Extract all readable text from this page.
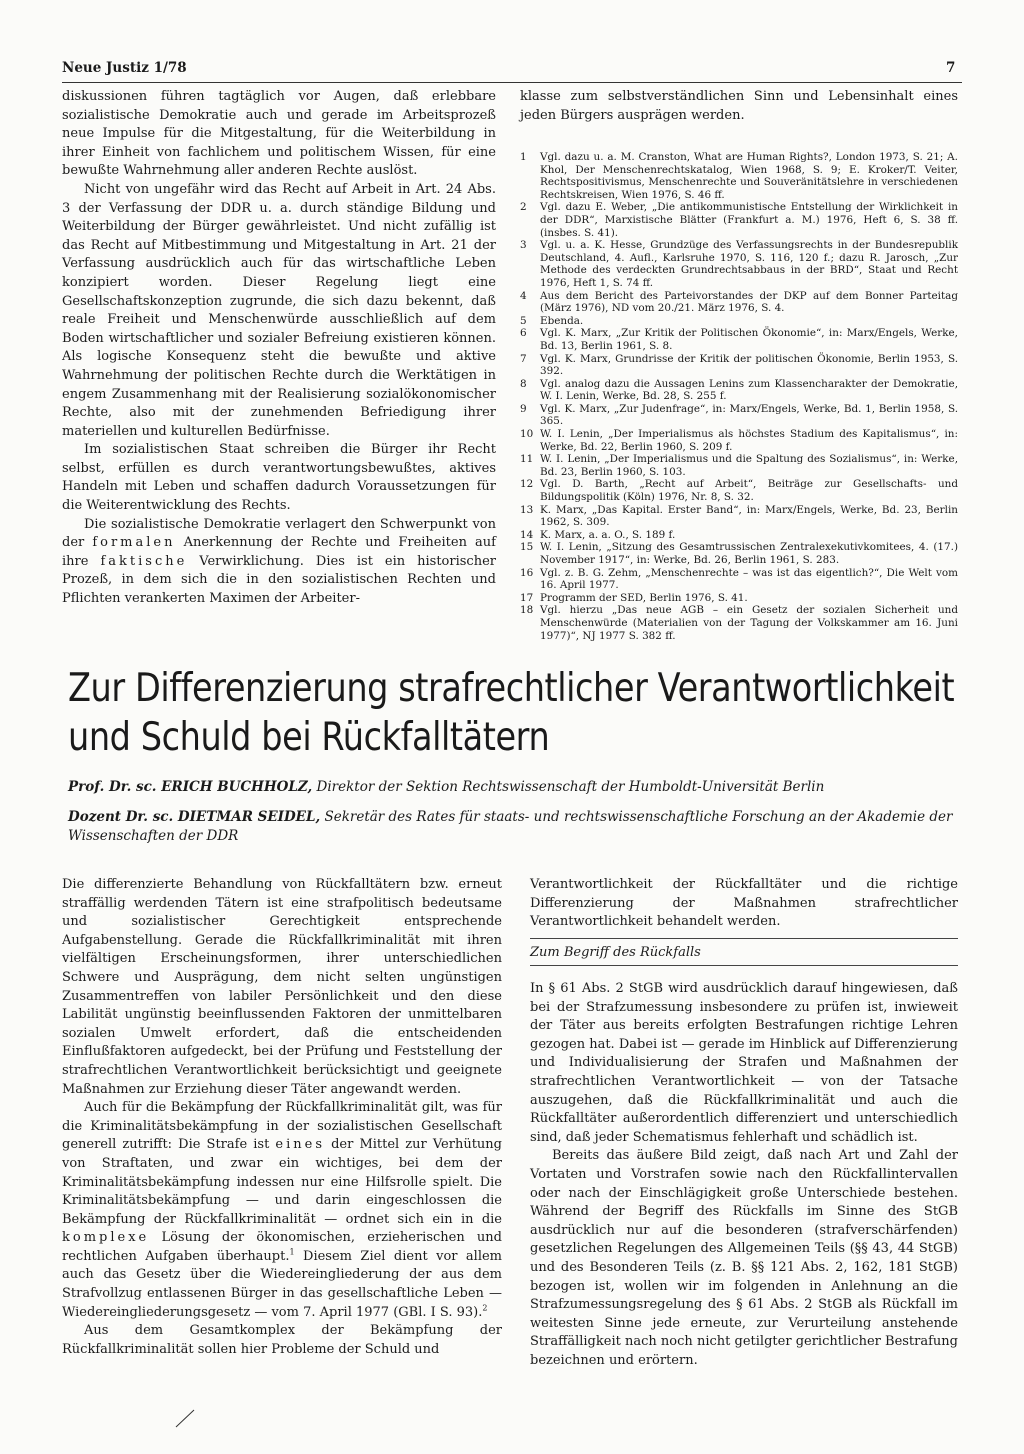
Neue Justiz 1/78	7

diskussionen führen tagtäglich vor Augen, daß erlebbare sozialistische Demokratie auch und gerade im Arbeitsprozeß neue Impulse für die Mitgestaltung, für die Weiterbildung in ihrer Einheit von fachlichem und politischem Wissen, für eine bewußte Wahrnehmung aller anderen Rechte auslöst.

Nicht von ungefähr wird das Recht auf Arbeit in Art. 24 Abs. 3 der Verfassung der DDR u. a. durch ständige Bildung und Weiterbildung der Bürger gewährleistet. Und nicht zufällig ist das Recht auf Mitbestimmung und Mitgestaltung in Art. 21 der Verfassung ausdrücklich auch für das wirtschaftliche Leben konzipiert worden. Dieser Regelung liegt eine Gesellschaftskonzeption zugrunde, die sich dazu bekennt, daß reale Freiheit und Menschenwürde ausschließlich auf dem Boden wirtschaftlicher und sozialer Befreiung existieren können. Als logische Konsequenz steht die bewußte und aktive Wahrnehmung der politischen Rechte durch die Werktätigen in engem Zusammenhang mit der Realisierung sozialökonomischer Rechte, also mit der zunehmenden Befriedigung ihrer materiellen und kulturellen Bedürfnisse.

Im sozialistischen Staat schreiben die Bürger ihr Recht selbst, erfüllen es durch verantwortungsbewußtes, aktives Handeln mit Leben und schaffen dadurch Voraussetzungen für die Weiterentwicklung des Rechts.

Die sozialistische Demokratie verlagert den Schwerpunkt von der formalen Anerkennung der Rechte und Freiheiten auf ihre faktische Verwirklichung. Dies ist ein historischer Prozeß, in dem sich die in den sozialistischen Rechten und Pflichten verankerten Maximen der Arbeiter-

klasse zum selbstverständlichen Sinn und Lebensinhalt eines jeden Bürgers ausprägen werden.

1	Vgl. dazu u. a. M. Cranston, What are Human Rights?, London 1973, S. 21; A. Khol, Der Menschenrechtskatalog, Wien 1968, S. 9; E. Kroker/T. Veiter, Rechtspositivismus, Menschenrechte und Souveränitätslehre in verschiedenen Rechtskreisen, Wien 1976, S. 46 ff.
2	Vgl. dazu E. Weber, „Die antikommunistische Entstellung der Wirklichkeit in der DDR“, Marxistische Blätter (Frankfurt a. M.) 1976, Heft 6, S. 38 ff. (insbes. S. 41).
3	Vgl. u. a. K. Hesse, Grundzüge des Verfassungsrechts in der Bundesrepublik Deutschland, 4. Aufl., Karlsruhe 1970, S. 116, 120 f.; dazu R. Jarosch, „Zur Methode des verdeckten Grundrechtsabbaus in der BRD“, Staat und Recht 1976, Heft 1, S. 74 ff.
4	Aus dem Bericht des Parteivorstandes der DKP auf dem Bonner Parteitag (März 1976), ND vom 20./21. März 1976, S. 4.
5	Ebenda.
6	Vgl. K. Marx, „Zur Kritik der Politischen Ökonomie“, in: Marx/Engels, Werke, Bd. 13, Berlin 1961, S. 8.
7	Vgl. K. Marx, Grundrisse der Kritik der politischen Ökonomie, Berlin 1953, S. 392.
8	Vgl. analog dazu die Aussagen Lenins zum Klassencharakter der Demokratie, W. I. Lenin, Werke, Bd. 28, S. 255 f.
9	Vgl. K. Marx, „Zur Judenfrage“, in: Marx/Engels, Werke, Bd. 1, Berlin 1958, S. 365.
10 W. I. Lenin, „Der Imperialismus als höchstes Stadium des Kapitalismus“, in: Werke, Bd. 22, Berlin 1960, S. 209 f.
11 W. I. Lenin, „Der Imperialismus und die Spaltung des Sozialismus“, in: Werke, Bd. 23, Berlin 1960, S. 103.
12 Vgl. D. Barth, „Recht auf Arbeit“, Beiträge zur Gesellschafts- und Bildungspolitik (Köln) 1976, Nr. 8, S. 32.
13 K. Marx, „Das Kapital. Erster Band“, in: Marx/Engels, Werke, Bd. 23, Berlin 1962, S. 309.
14 K. Marx, a. a. O., S. 189 f.
15 W. I. Lenin, „Sitzung des Gesamtrussischen Zentralexekutivkomitees, 4. (17.) November 1917“, in: Werke, Bd. 26, Berlin 1961, S. 283.
16 Vgl. z. B. G. Zehm, „Menschenrechte – was ist das eigentlich?“, Die Welt vom 16. April 1977.
17 Programm der SED, Berlin 1976, S. 41.
18 Vgl. hierzu „Das neue AGB – ein Gesetz der sozialen Sicherheit und Menschenwürde (Materialien von der Tagung der Volkskammer am 16. Juni 1977)“, NJ 1977 S. 382 ff.
Zur Differenzierung strafrechtlicher Verantwortlichkeit
und Schuld bei Rückfalltätern
Prof. Dr. sc. ERICH BUCHHOLZ, Direktor der Sektion Rechtswissenschaft der Humboldt-Universität Berlin
Dozent Dr. sc. DIETMAR SEIDEL, Sekretär des Rates für staats- und rechtswissenschaftliche Forschung an der Akademie der Wissenschaften der DDR

Die differenzierte Behandlung von Rückfalltätern bzw. erneut straffällig werdenden Tätern ist eine strafpolitisch bedeutsame und sozialistischer Gerechtigkeit entsprechende Aufgabenstellung. Gerade die Rückfallkriminalität mit ihren vielfältigen Erscheinungsformen, ihrer unterschiedlichen Schwere und Ausprägung, dem nicht selten ungünstigen Zusammentreffen von labiler Persönlichkeit und den diese Labilität ungünstig beeinflussenden Faktoren der unmittelbaren sozialen Umwelt erfordert, daß die entscheidenden Einflußfaktoren aufgedeckt, bei der Prüfung und Feststellung der strafrechtlichen Verantwortlichkeit berücksichtigt und geeignete Maßnahmen zur Erziehung dieser Täter angewandt werden.

Auch für die Bekämpfung der Rückfallkriminalität gilt, was für die Kriminalitätsbekämpfung in der sozialistischen Gesellschaft generell zutrifft: Die Strafe ist eines der Mittel zur Verhütung von Straftaten, und zwar ein wichtiges, bei dem der Kriminalitätsbekämpfung indessen nur eine Hilfsrolle spielt. Die Kriminalitätsbekämpfung — und darin eingeschlossen die Bekämpfung der Rückfallkriminalität — ordnet sich ein in die komplexe Lösung der ökonomischen, erzieherischen und rechtlichen Aufgaben überhaupt.$^1$ Diesem Ziel dient vor allem auch das Gesetz über die Wiedereingliederung der aus dem Strafvollzug entlassenen Bürger in das gesellschaftliche Leben — Wiedereingliederungsgesetz — vom 7. April 1977 (GBl. I S. 93).$^2$

Aus dem Gesamtkomplex der Bekämpfung der Rückfallkriminalität sollen hier Probleme der Schuld und

Verantwortlichkeit der Rückfalltäter und die richtige Differenzierung der Maßnahmen strafrechtlicher Verantwortlichkeit behandelt werden.

Zum Begriff des Rückfalls

In § 61 Abs. 2 StGB wird ausdrücklich darauf hingewiesen, daß bei der Strafzumessung insbesondere zu prüfen ist, inwieweit der Täter aus bereits erfolgten Bestrafungen richtige Lehren gezogen hat. Dabei ist — gerade im Hinblick auf Differenzierung und Individualisierung der Strafen und Maßnahmen der strafrechtlichen Verantwortlichkeit — von der Tatsache auszugehen, daß die Rückfallkriminalität und auch die Rückfalltäter außerordentlich differenziert und unterschiedlich sind, daß jeder Schematismus fehlerhaft und schädlich ist.

Bereits das äußere Bild zeigt, daß nach Art und Zahl der Vortaten und Vorstrafen sowie nach den Rückfallintervallen oder nach der Einschlägigkeit große Unterschiede bestehen. Während der Begriff des Rückfalls im Sinne des StGB ausdrücklich nur auf die besonderen (strafverschärfenden) gesetzlichen Regelungen des Allgemeinen Teils (§§ 43, 44 StGB) und des Besonderen Teils (z. B. §§ 121 Abs. 2, 162, 181 StGB) bezogen ist, wollen wir im folgenden in Anlehnung an die Strafzumessungsregelung des § 61 Abs. 2 StGB als Rückfall im weitesten Sinne jede erneute, zur Verurteilung anstehende Straffälligkeit nach noch nicht getilgter gerichtlicher Bestrafung bezeichnen und erörtern.
